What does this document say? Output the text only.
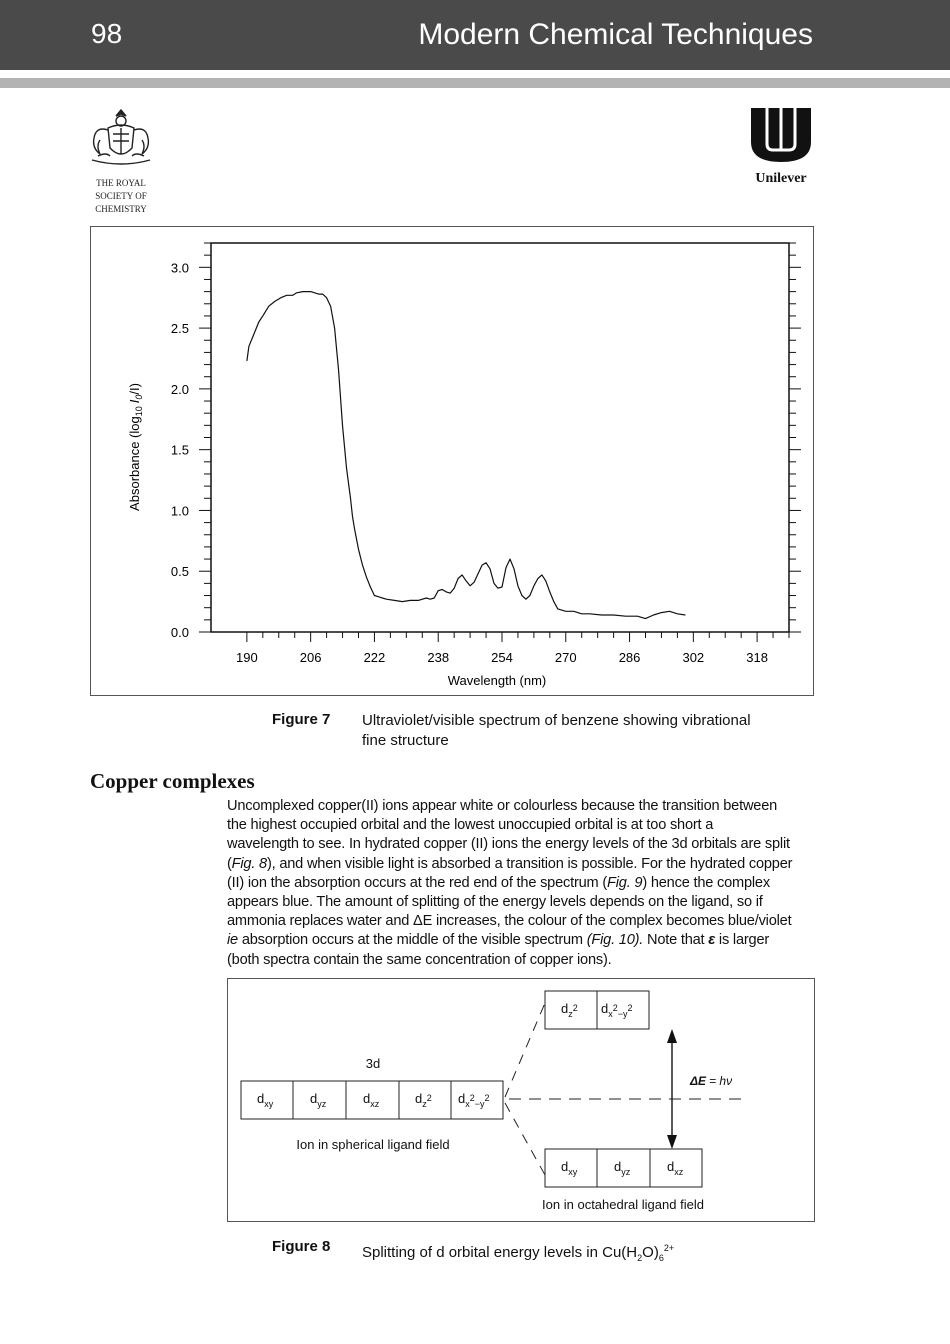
98	Modern Chemical Techniques
THE ROYAL
SOCIETY OF
CHEMISTRY
Unilever
0.0
0.5
1.0
1.5
2.0
2.5
3.0
190	206	222	238	254	270	286	302	318
Absorbance $(\log_{10}I_0/I)$
Wavelength (nm)
Figure 7 Ultraviolet/visible spectrum of benzene showing vibrational
fine structure
Copper complexes

Uncomplexed copper(II) ions appear white or colourless because the transition between

the highest occupied orbital and the lowest unoccupied orbital is at too short a

wavelength to see. In hydrated copper (II) ions the energy levels of the 3d orbitals are split

(Fig. 8), and when visible light is absorbed a transition is possible. For the hydrated copper

(II) ion the absorption occurs at the red end of the spectrum (Fig. 9) hence the complex

appears blue. The amount of splitting of the energy levels depends on the ligand, so if

ammonia replaces water and ΔE increases, the colour of the complex becomes blue/violet

ie absorption occurs at the middle of the visible spectrum (Fig. 10). Note that ε is larger

(both spectra contain the same concentration of copper ions).

3d
Ion in spherical ligand field
Ion in octahedral ligand field
ΔE = hν
$d_{xy}$	$d_{yz}$	$d_{xz}$	$d_z^2$ $d_x^2_{-y}^2$
$d_z^2$ $d_x^2_{-y}^2$
$d_{xy}$	$d_{yz}$	$d_{xz}$
Figure 8 Splitting of d orbital energy levels in $Cu(H_2O)_6^{2+}$
